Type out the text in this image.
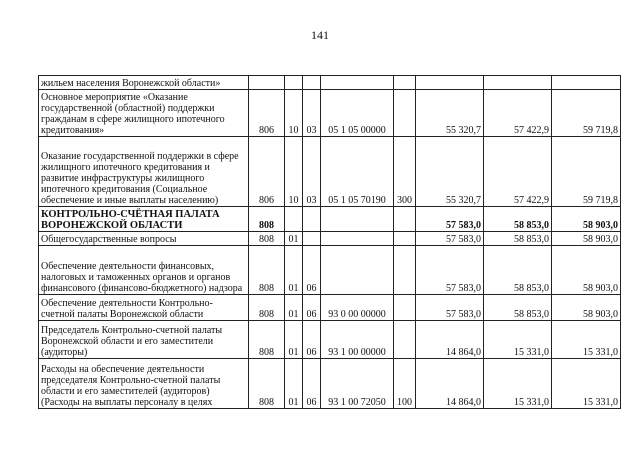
141
жильем населения Воронежской области»								
Основное мероприятие «Оказание государственной (областной) поддержки гражданам в сфере жилищного ипотечного кредитования»	806	10	03	05 1 05 00000		55 320,7	57 422,9	59 719,8
Оказание государственной поддержки в сфере жилищного ипотечного кредитования и развитие инфраструктуры жилищного ипотечного кредитования (Социальное обеспечение и иные выплаты населению)	806	10	03	05 1 05 70190	300	55 320,7	57 422,9	59 719,8
КОНТРОЛЬНО-СЧЁТНАЯ ПАЛАТА ВОРОНЕЖСКОЙ ОБЛАСТИ	808					57 583,0	58 853,0	58 903,0
Общегосударственные вопросы	808	01				57 583,0	58 853,0	58 903,0
Обеспечение деятельности финансовых, налоговых и таможенных органов и органов финансового (финансово-бюджетного) надзора	808	01	06			57 583,0	58 853,0	58 903,0
Обеспечение деятельности Контрольно-счетной палаты Воронежской области	808	01	06	93 0 00 00000		57 583,0	58 853,0	58 903,0
Председатель Контрольно-счетной палаты Воронежской области и его заместители (аудиторы)	808	01	06	93 1 00 00000		14 864,0	15 331,0	15 331,0
Расходы на обеспечение деятельности председателя Контрольно-счетной палаты области и его заместителей (аудиторов) (Расходы на выплаты персоналу в целях	808	01	06	93 1 00 72050	100	14 864,0	15 331,0	15 331,0
